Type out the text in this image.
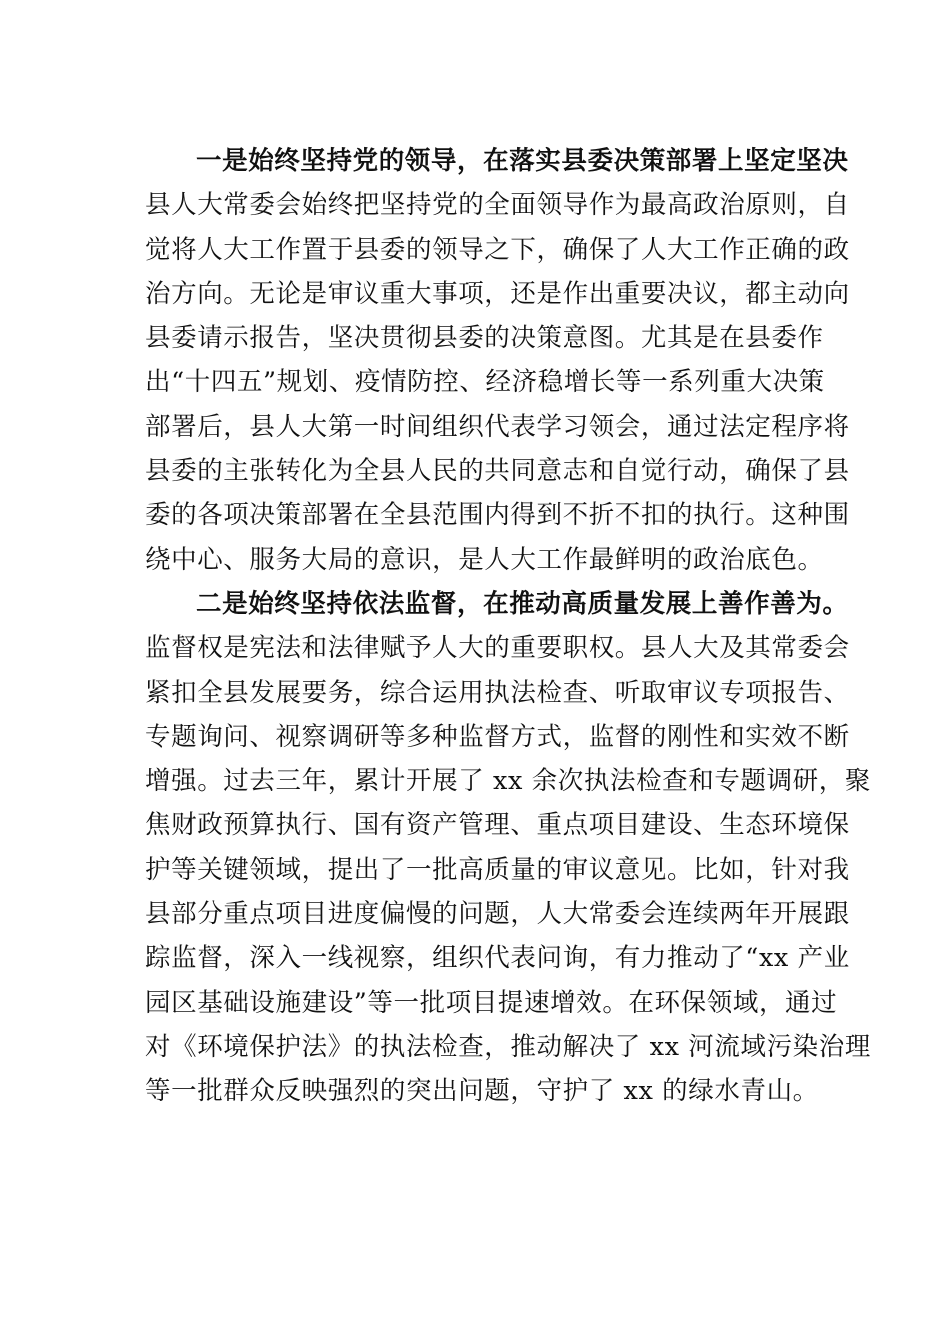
一是始终坚持党的领导，在落实县委决策部署上坚定坚决
县人大常委会始终把坚持党的全面领导作为最高政治原则，自
觉将人大工作置于县委的领导之下，确保了人大工作正确的政
治方向。无论是审议重大事项，还是作出重要决议，都主动向
县委请示报告，坚决贯彻县委的决策意图。尤其是在县委作
出“十四五”规划、疫情防控、经济稳增长等一系列重大决策
部署后，县人大第一时间组织代表学习领会，通过法定程序将
县委的主张转化为全县人民的共同意志和自觉行动，确保了县
委的各项决策部署在全县范围内得到不折不扣的执行。这种围
绕中心、服务大局的意识，是人大工作最鲜明的政治底色。
二是始终坚持依法监督，在推动高质量发展上善作善为。
监督权是宪法和法律赋予人大的重要职权。县人大及其常委会
紧扣全县发展要务，综合运用执法检查、听取审议专项报告、
专题询问、视察调研等多种监督方式，监督的刚性和实效不断
增强。过去三年，累计开展了 xx 余次执法检查和专题调研，聚
焦财政预算执行、国有资产管理、重点项目建设、生态环境保
护等关键领域，提出了一批高质量的审议意见。比如，针对我
县部分重点项目进度偏慢的问题，人大常委会连续两年开展跟
踪监督，深入一线视察，组织代表问询，有力推动了“xx 产业
园区基础设施建设”等一批项目提速增效。在环保领域，通过
对《环境保护法》的执法检查，推动解决了 xx 河流域污染治理
等一批群众反映强烈的突出问题，守护了 xx 的绿水青山。
